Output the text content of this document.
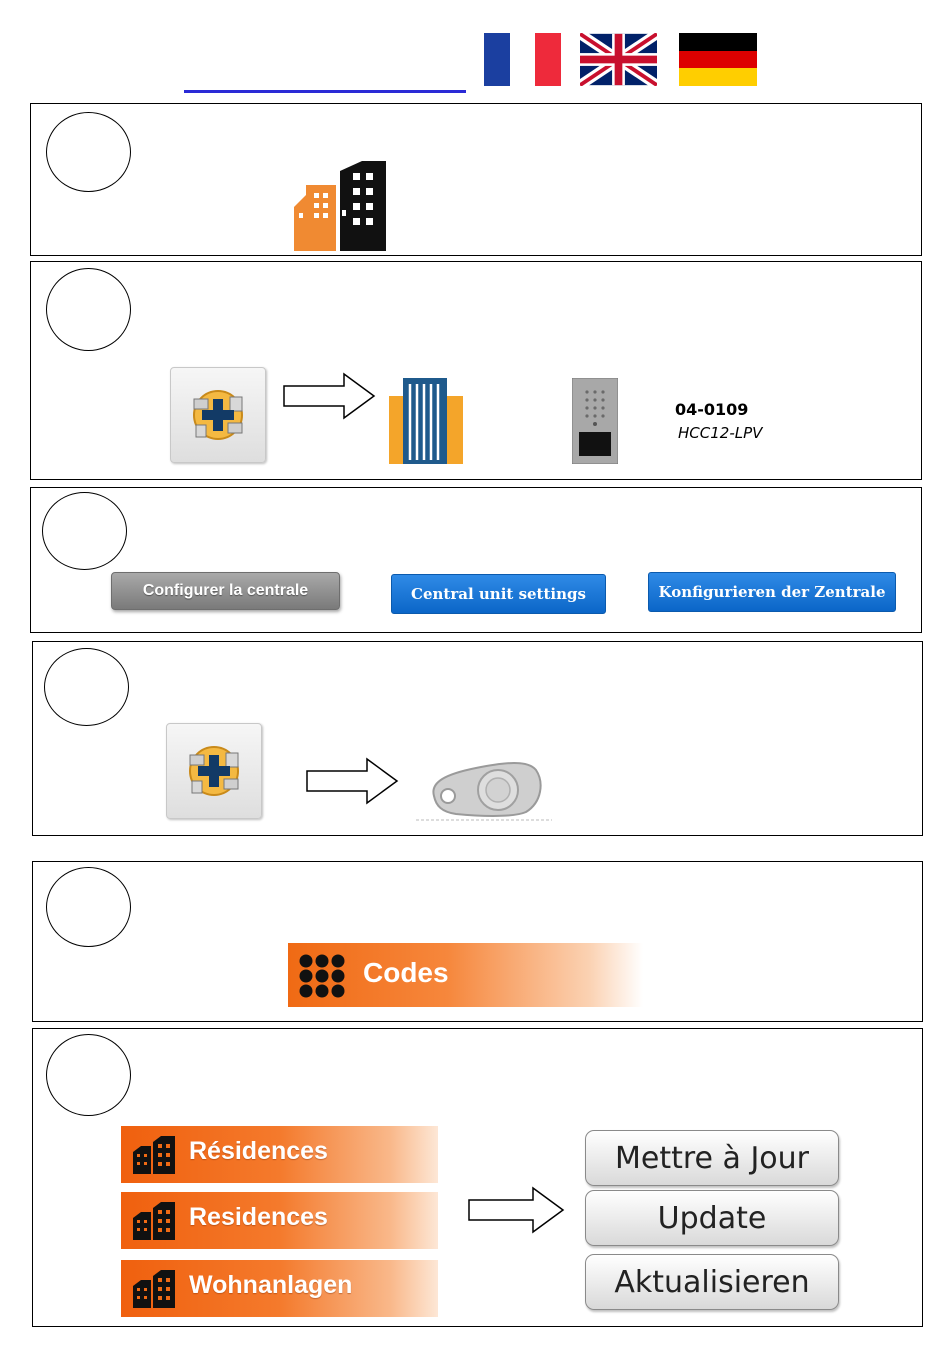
04-0109
HCC12-LPV
Configurer la centrale	Central unit settings	Konfigurieren der Zentrale
Codes
Résidences
Residences
Wohnanlagen
Mettre à Jour
Update
Aktualisieren
